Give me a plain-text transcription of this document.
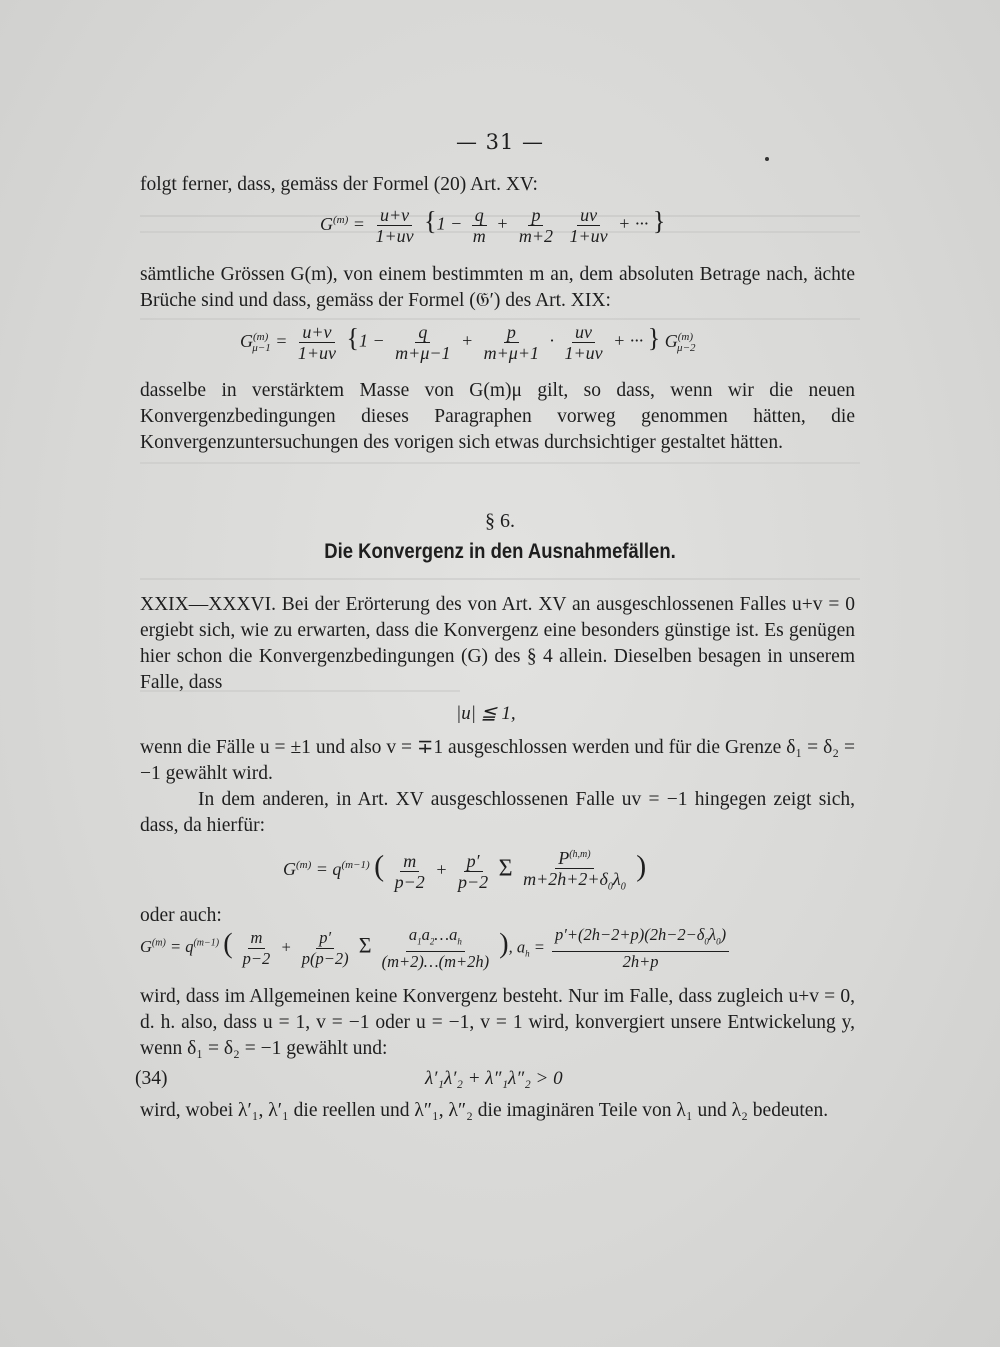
— 31 —
folgt ferner, dass, gemäss der Formel (20) Art. XV:
$G^{(m)} = \frac{u+v}{1+uv} \{1 - \frac{q}{m} + \frac{p}{m+2}$
$\frac{uv}{1+uv}$ + ··· }
sämtliche Grössen G(m), von einem bestimmten m an, dem absoluten Betrage nach, ächte Brüche sind und dass, gemäss der Formel (𝔊′) des Art. XIX:
$G^{(m)}_{\mu-1} = \frac{u+v}{1+uv} \{1 - \frac{q}{m+\mu-1} + \frac{p}{m+\mu+1} \cdot \frac{uv}{1+uv}$ + ··· } $G^{(m)}_{\mu-2}$
dasselbe in verstärktem Masse von G(m)μ gilt, so dass, wenn wir die neuen Konvergenzbedingungen dieses Paragraphen vorweg genommen hätten, die Konvergenzuntersuchungen des vorigen sich etwas durchsichtiger gestaltet hätten.
§ 6.
Die Konvergenz in den Ausnahmefällen.
XXIX—XXXVI. Bei der Erörterung des von Art. XV an ausgeschlossenen Falles u+v = 0 ergiebt sich, wie zu erwarten, dass die Konvergenz eine besonders günstige ist. Es genügen hier schon die Konvergenzbedingungen (G) des § 4 allein. Dieselben besagen in unserem Falle, dass
|u| ≦ 1,
wenn die Fälle u = ±1 und also v = ∓1 ausgeschlossen werden und für die Grenze δ₁ = δ₂ = −1 gewählt wird.
In dem anderen, in Art. XV ausgeschlossenen Falle uv = −1 hingegen zeigt sich, dass, da hierfür:
$G^{(m)} = q^{(m-1)}$ ( $\frac{m}{p-2} + \frac{p'}{p-2}$ Σ $\frac{P^{(h,m)}}{m+2h+2+\delta_0\lambda_0}$ )
oder auch:
$G^{(m)} = q^{(m-1)}$ ( $\frac{m}{p-2} + \frac{p'}{p(p-2)}$ Σ $\frac{a_1a_2\dots a_h}{(m+2)\dots(m+2h)}$ ), $a_h = \frac{p'+(2h-2+p)(2h-2-\delta_0\lambda_0)}{2h+p}$
wird, dass im Allgemeinen keine Konvergenz besteht. Nur im Falle, dass zugleich u+v = 0, d. h. also, dass u = 1, v = −1 oder u = −1, v = 1 wird, konvergiert unsere Entwickelung y, wenn δ₁ = δ₂ = −1 gewählt und:
(34)	λ′₁λ′₂ + λ″₁λ″₂ > 0
wird, wobei λ′₁, λ′₁ die reellen und λ″₁, λ″₂ die imaginären Teile von λ₁ und λ₂ bedeuten.
